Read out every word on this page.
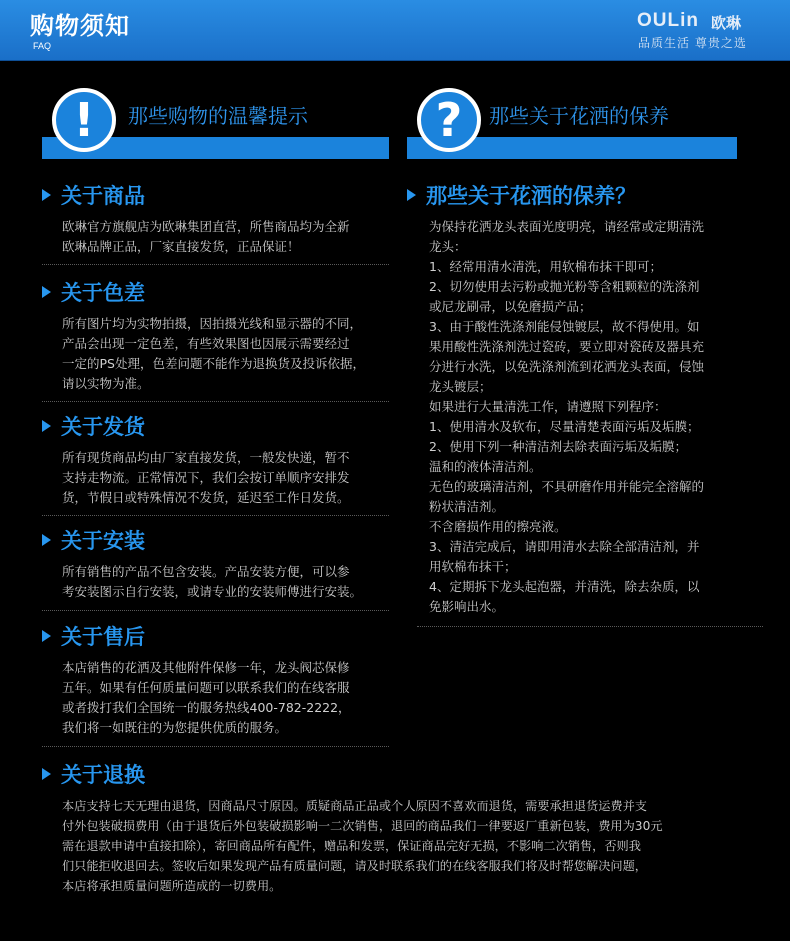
购物须知
FAQ
OULin 欧琳
品质生活 尊贵之选
!	那些购物的温馨提示	?	那些关于花洒的保养
关于商品
欧琳官方旗舰店为欧琳集团直营，所售商品均为全新
欧琳品牌正品，厂家直接发货，正品保证！
关于色差
所有图片均为实物拍摄，因拍摄光线和显示器的不同，
产品会出现一定色差，有些效果图也因展示需要经过
一定的PS处理，色差问题不能作为退换货及投诉依据，
请以实物为准。
关于发货
所有现货商品均由厂家直接发货，一般发快递，暂不
支持走物流。正常情况下，我们会按订单顺序安排发
货，节假日或特殊情况不发货，延迟至工作日发货。
关于安装
所有销售的产品不包含安装。产品安装方便，可以参
考安装图示自行安装，或请专业的安装师傅进行安装。
关于售后
本店销售的花洒及其他附件保修一年，龙头阀芯保修
五年。如果有任何质量问题可以联系我们的在线客服
或者拨打我们全国统一的服务热线400-782-2222，
我们将一如既往的为您提供优质的服务。
关于退换
本店支持七天无理由退货，因商品尺寸原因。质疑商品正品或个人原因不喜欢而退货，需要承担退货运费并支
付外包装破损费用（由于退货后外包装破损影响一二次销售，退回的商品我们一律要返厂重新包装，费用为30元
需在退款申请中直接扣除），寄回商品所有配件，赠品和发票，保证商品完好无损，不影响二次销售，否则我
们只能拒收退回去。签收后如果发现产品有质量问题，请及时联系我们的在线客服我们将及时帮您解决问题，
本店将承担质量问题所造成的一切费用。
那些关于花洒的保养？
为保持花洒龙头表面光度明亮，请经常或定期清洗
龙头：
1、经常用清水清洗，用软棉布抹干即可；
2、切勿使用去污粉或抛光粉等含粗颗粒的洗涤剂
或尼龙刷帚，以免磨损产品；
3、由于酸性洗涤剂能侵蚀镀层，故不得使用。如
果用酸性洗涤剂洗过瓷砖，要立即对瓷砖及器具充
分进行水洗，以免洗涤剂流到花洒龙头表面，侵蚀
龙头镀层；
如果进行大量清洗工作，请遵照下列程序：
1、使用清水及软布，尽量清楚表面污垢及垢膜；
2、使用下列一种清洁剂去除表面污垢及垢膜；
温和的液体清洁剂。
无色的玻璃清洁剂，不具研磨作用并能完全溶解的
粉状清洁剂。
不含磨损作用的擦亮液。
3、清洁完成后，请即用清水去除全部清洁剂，并
用软棉布抹干；
4、定期拆下龙头起泡器，并清洗，除去杂质，以
免影响出水。
